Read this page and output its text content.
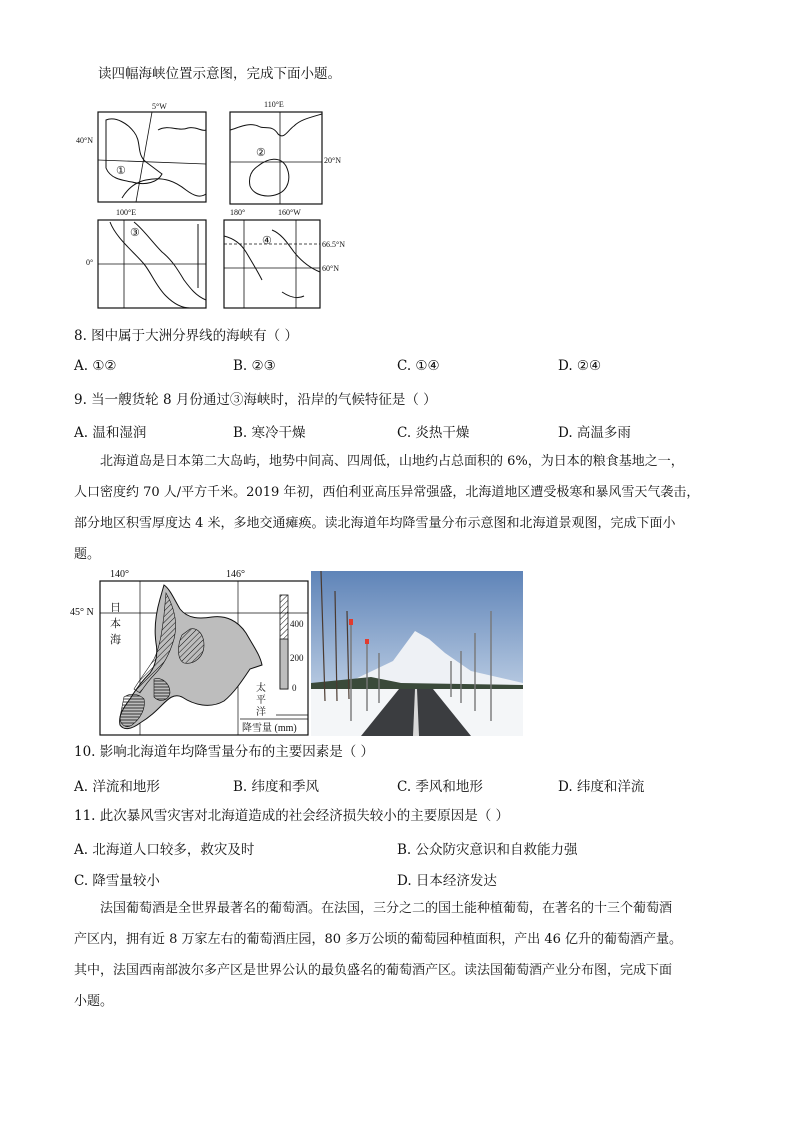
读四幅海峡位置示意图，完成下面小题。
5°W
40°N
①
110°E
20°N
②
100°E
0°
③
180°	160°W
66.5°N
60°N
④
8. 图中属于大洲分界线的海峡有（ ）
A. ①②	B. ②③	C. ①④	D. ②④
9. 当一艘货轮 8 月份通过③海峡时，沿岸的气候特征是（ ）
A. 温和湿润	B. 寒冷干燥	C. 炎热干燥	D. 高温多雨
北海道岛是日本第二大岛屿，地势中间高、四周低，山地约占总面积的 6%，为日本的粮食基地之一，
人口密度约 70 人/平方千米。2019 年初，西伯利亚高压异常强盛，北海道地区遭受极寒和暴风雪天气袭击，
部分地区积雪厚度达 4 米，多地交通瘫痪。读北海道年均降雪量分布示意图和北海道景观图，完成下面小
题。
140°	146°
45° N 日
本
海
太
平
洋
400
200
0
降雪量 (mm)
10. 影响北海道年均降雪量分布的主要因素是（ ）
A. 洋流和地形	B. 纬度和季风	C. 季风和地形	D. 纬度和洋流
11. 此次暴风雪灾害对北海道造成的社会经济损失较小的主要原因是（ ）
A. 北海道人口较多，救灾及时	B. 公众防灾意识和自救能力强
C. 降雪量较小	D. 日本经济发达
法国葡萄酒是全世界最著名的葡萄酒。在法国，三分之二的国土能种植葡萄，在著名的十三个葡萄酒
产区内，拥有近 8 万家左右的葡萄酒庄园，80 多万公顷的葡萄园种植面积，产出 46 亿升的葡萄酒产量。
其中，法国西南部波尔多产区是世界公认的最负盛名的葡萄酒产区。读法国葡萄酒产业分布图，完成下面
小题。
